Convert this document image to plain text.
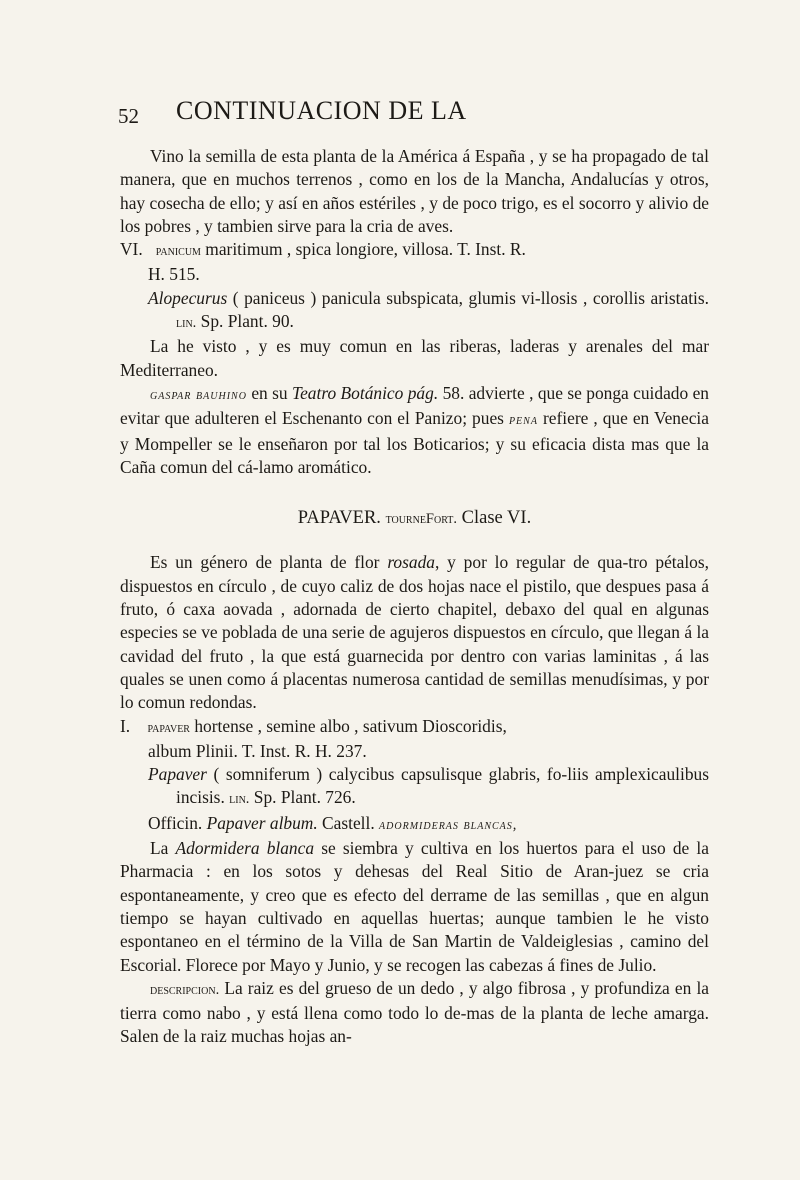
52 CONTINUACION DE LA

Vino la semilla de esta planta de la América á España , y se ha propagado de tal manera, que en muchos terrenos , como en los de la Mancha, Andalucías y otros, hay cosecha de ello; y así en años estériles , y de poco trigo, es el socorro y alivio de los pobres , y tambien sirve para la cria de aves.

VI. panicum maritimum , spica longiore, villosa. T. Inst. R.

H. 515.

Alopecurus ( paniceus ) panicula subspicata, glumis vi-llosis , corollis aristatis. lin. Sp. Plant. 90.

La he visto , y es muy comun en las riberas, laderas y arenales del mar Mediterraneo.

gaspar bauhino en su Teatro Botánico pág. 58. advierte , que se ponga cuidado en evitar que adulteren el Eschenanto con el Panizo; pues pena refiere , que en Venecia y Mompeller se le enseñaron por tal los Boticarios; y su eficacia dista mas que la Caña comun del cá-lamo aromático.

PAPAVER. tourneFort. Clase VI.

Es un género de planta de flor rosada, y por lo regular de qua-tro pétalos, dispuestos en círculo , de cuyo caliz de dos hojas nace el pistilo, que despues pasa á fruto, ó caxa aovada , adornada de cierto chapitel, debaxo del qual en algunas especies se ve poblada de una serie de agujeros dispuestos en círculo, que llegan á la cavidad del fruto , la que está guarnecida por dentro con varias laminitas , á las quales se unen como á placentas numerosa cantidad de semillas menudísimas, y por lo comun redondas.

I. papaver hortense , semine albo , sativum Dioscoridis,

album Plinii. T. Inst. R. H. 237.

Papaver ( somniferum ) calycibus capsulisque glabris, fo-liis amplexicaulibus incisis. lin. Sp. Plant. 726.

Officin. Papaver album. Castell. adormideras blancas,

La Adormidera blanca se siembra y cultiva en los huertos para el uso de la Pharmacia : en los sotos y dehesas del Real Sitio de Aran-juez se cria espontaneamente, y creo que es efecto del derrame de las semillas , que en algun tiempo se hayan cultivado en aquellas huertas; aunque tambien le he visto espontaneo en el término de la Villa de San Martin de Valdeiglesias , camino del Escorial. Florece por Mayo y Junio, y se recogen las cabezas á fines de Julio.

descripcion. La raiz es del grueso de un dedo , y algo fibrosa , y profundiza en la tierra como nabo , y está llena como todo lo de-mas de la planta de leche amarga. Salen de la raiz muchas hojas an-
